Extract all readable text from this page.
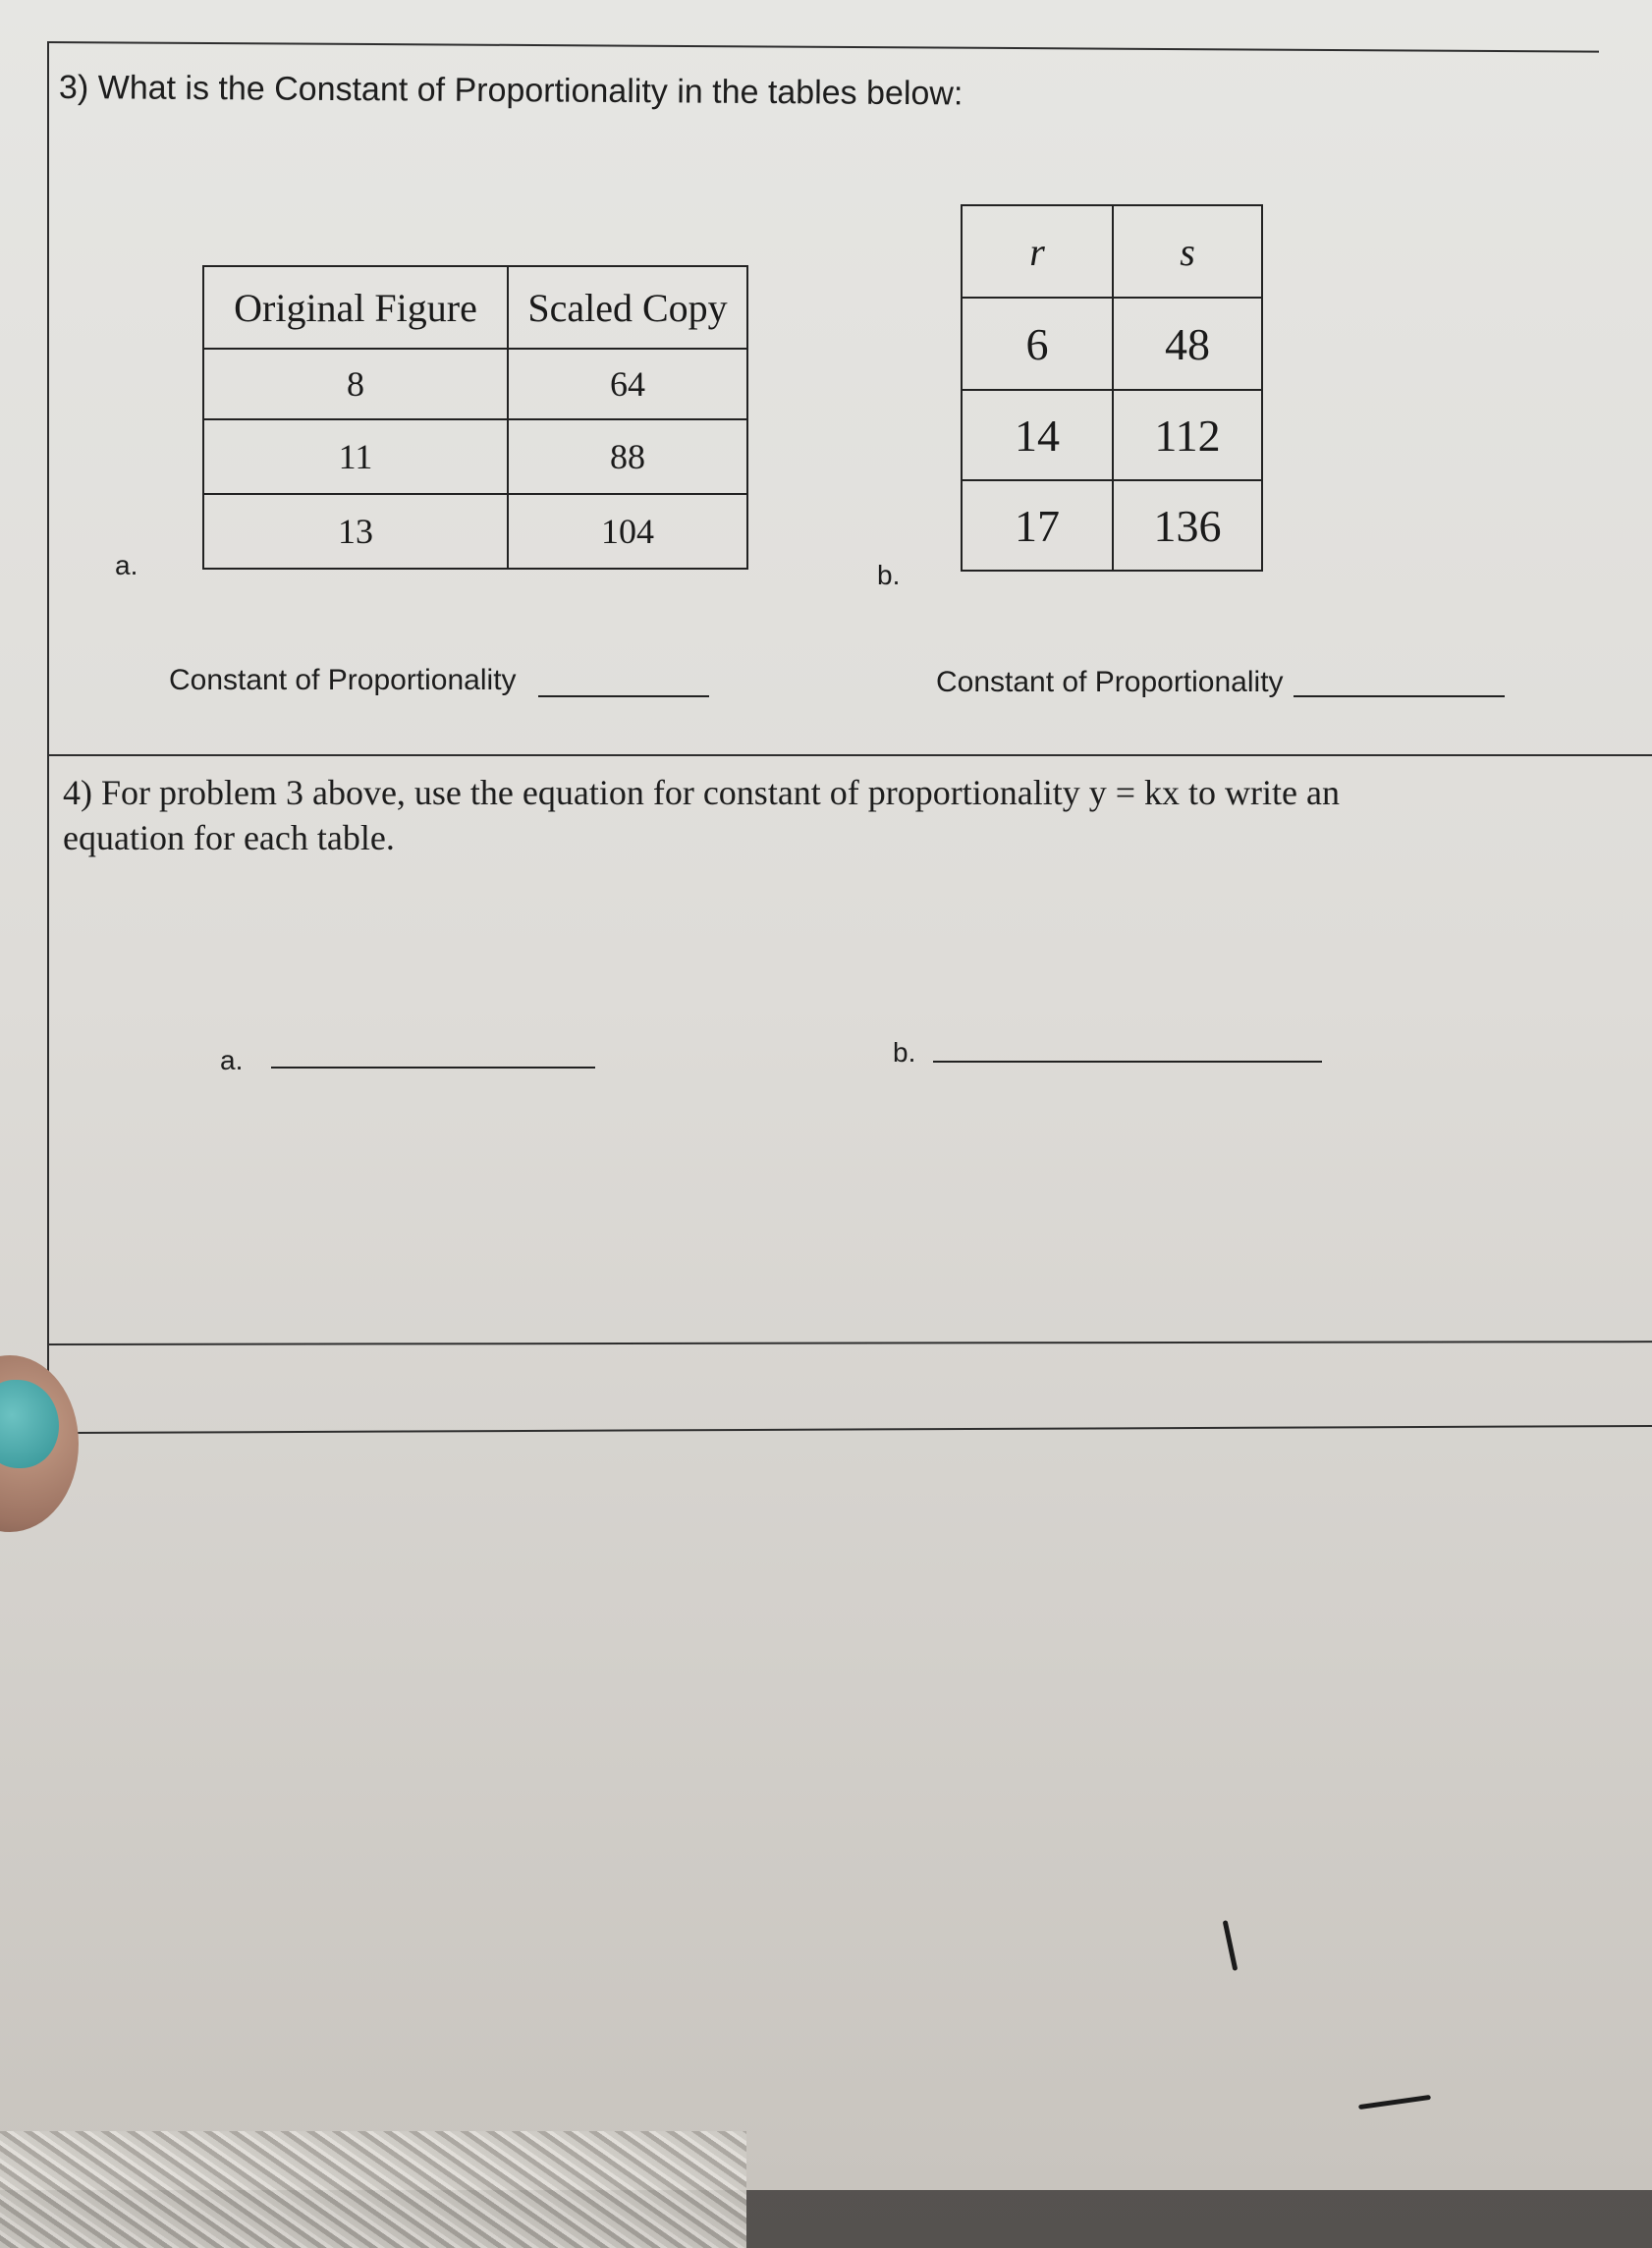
3) What is the Constant of Proportionality in the tables below:
Original Figure	Scaled Copy
8	64
11	88
13	104
a.
r	s
6	48
14	112
17	136
b.
Constant of Proportionality	Constant of Proportionality
4) For problem 3 above, use the equation for constant of proportionality y = kx to write an
equation for each table.
a.	b.
